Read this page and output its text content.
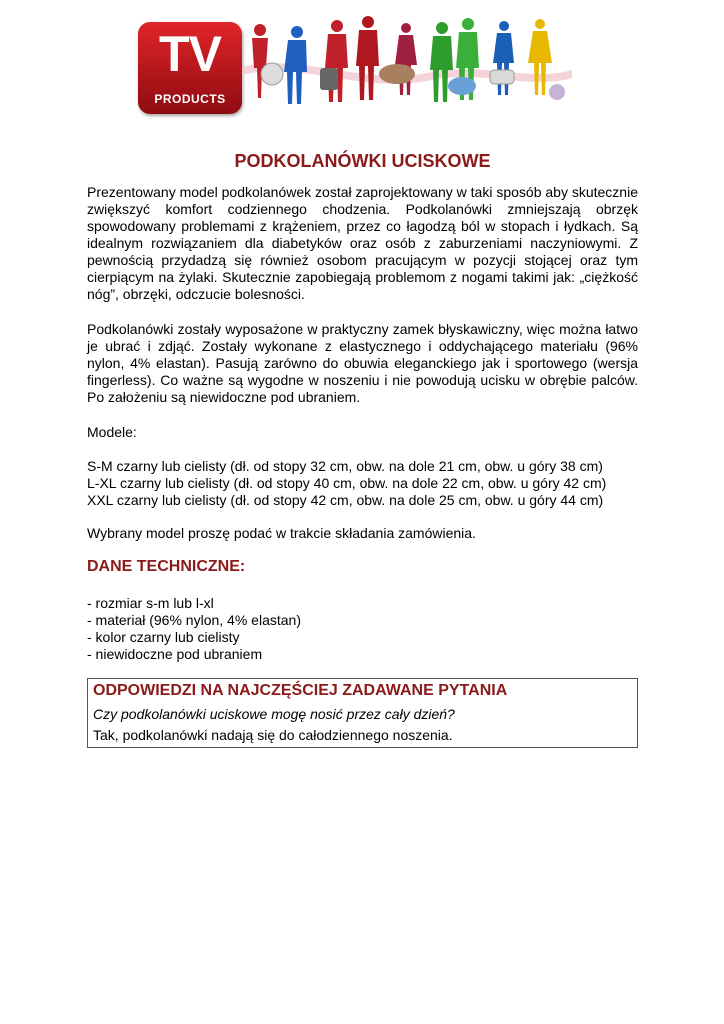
TV
PRODUCTS
PODKOLANÓWKI UCISKOWE

Prezentowany model podkolanówek został zaprojektowany w taki sposób aby skutecznie zwiększyć komfort codziennego chodzenia. Podkolanówki zmniejszają obrzęk spowodowany problemami z krążeniem, przez co łagodzą ból w stopach i łydkach. Są idealnym rozwiązaniem dla diabetyków oraz osób z zaburzeniami naczyniowymi. Z pewnością przydadzą się również osobom pracującym w pozycji stojącej oraz tym cierpiącym na żylaki. Skutecznie zapobiegają problemom z nogami takimi jak: „ciężkość nóg”, obrzęki, odczucie bolesności.

Podkolanówki zostały wyposażone w praktyczny zamek błyskawiczny, więc można łatwo je ubrać i zdjąć. Zostały wykonane z elastycznego i oddychającego materiału (96% nylon, 4% elastan). Pasują zarówno do obuwia eleganckiego jak i sportowego (wersja fingerless). Co ważne są wygodne w noszeniu i nie powodują ucisku w obrębie palców. Po założeniu są niewidoczne pod ubraniem.

Modele:

S-M czarny lub cielisty (dł. od stopy 32 cm, obw. na dole 21 cm, obw. u góry 38 cm)
L-XL czarny lub cielisty (dł. od stopy 40 cm, obw. na dole 22 cm, obw. u góry 42 cm)
XXL czarny lub cielisty (dł. od stopy 42 cm, obw. na dole 25 cm, obw. u góry 44 cm)

Wybrany model proszę podać w trakcie składania zamówienia.

DANE TECHNICZNE:
- rozmiar s-m lub l-xl
- materiał (96% nylon, 4% elastan)
- kolor czarny lub cielisty
- niewidoczne pod ubraniem
ODPOWIEDZI NA NAJCZĘŚCIEJ ZADAWANE PYTANIA
Czy podkolanówki uciskowe mogę nosić przez cały dzień?
Tak, podkolanówki nadają się do całodziennego noszenia.
